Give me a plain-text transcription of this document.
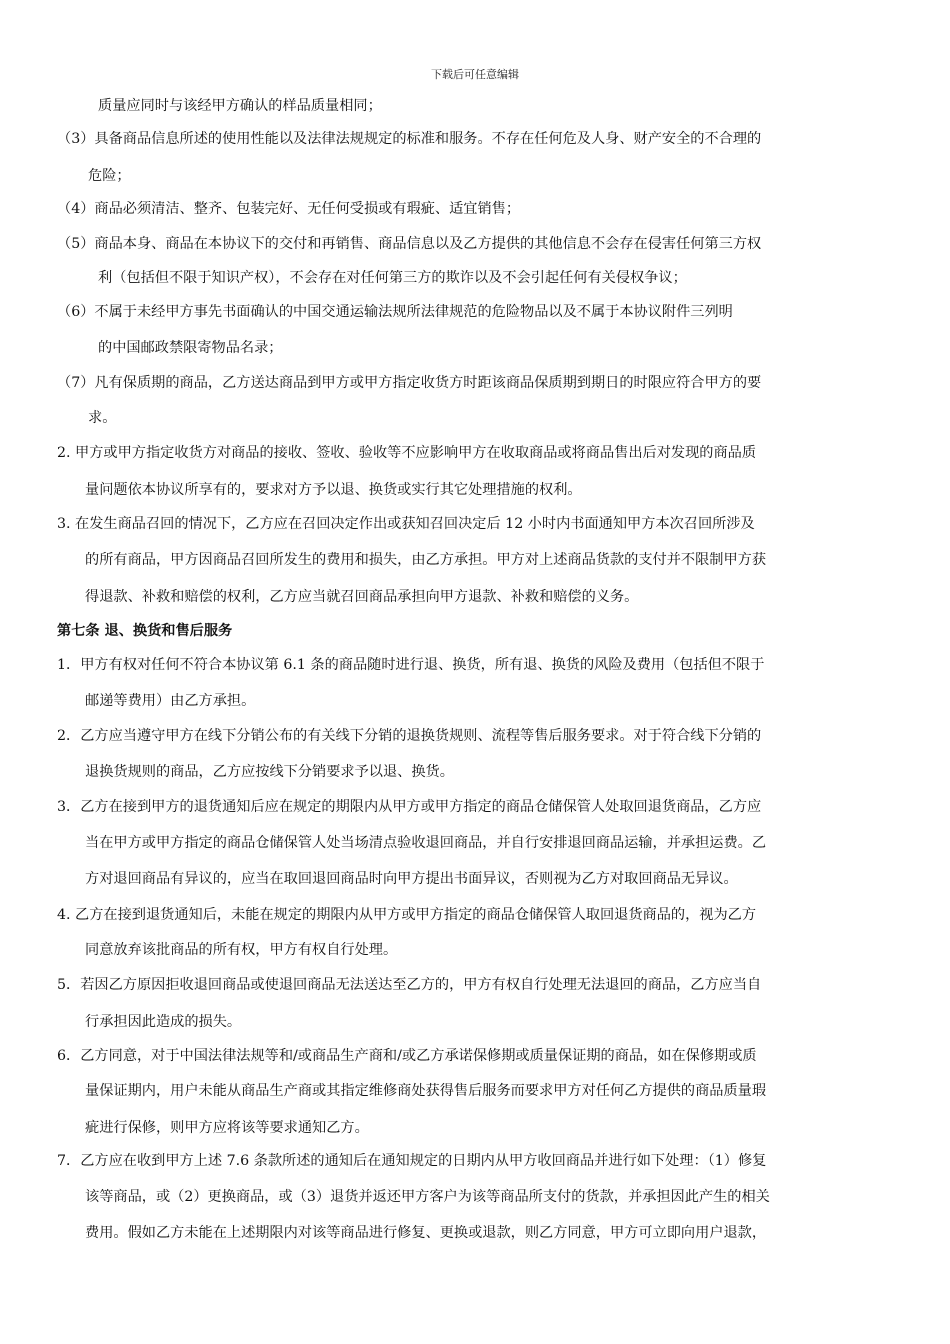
下载后可任意编辑
质量应同时与该经甲方确认的样品质量相同；
（3）具备商品信息所述的使用性能以及法律法规规定的标准和服务。不存在任何危及人身、财产安全的不合理的
危险；
（4）商品必须清洁、整齐、包装完好、无任何受损或有瑕疵、适宜销售；
（5）商品本身、商品在本协议下的交付和再销售、商品信息以及乙方提供的其他信息不会存在侵害任何第三方权
利（包括但不限于知识产权），不会存在对任何第三方的欺诈以及不会引起任何有关侵权争议；
（6）不属于未经甲方事先书面确认的中国交通运输法规所法律规范的危险物品以及不属于本协议附件三列明
的中国邮政禁限寄物品名录；
（7）凡有保质期的商品，乙方送达商品到甲方或甲方指定收货方时距该商品保质期到期日的时限应符合甲方的要
求。
2. 甲方或甲方指定收货方对商品的接收、签收、验收等不应影响甲方在收取商品或将商品售出后对发现的商品质
量问题依本协议所享有的，要求对方予以退、换货或实行其它处理措施的权利。
3. 在发生商品召回的情况下，乙方应在召回决定作出或获知召回决定后 12 小时内书面通知甲方本次召回所涉及
的所有商品，甲方因商品召回所发生的费用和损失，由乙方承担。甲方对上述商品货款的支付并不限制甲方获
得退款、补救和赔偿的权利，乙方应当就召回商品承担向甲方退款、补救和赔偿的义务。
第七条 退、换货和售后服务
1．甲方有权对任何不符合本协议第 6.1 条的商品随时进行退、换货，所有退、换货的风险及费用（包括但不限于
邮递等费用）由乙方承担。
2．乙方应当遵守甲方在线下分销公布的有关线下分销的退换货规则、流程等售后服务要求。对于符合线下分销的
退换货规则的商品，乙方应按线下分销要求予以退、换货。
3．乙方在接到甲方的退货通知后应在规定的期限内从甲方或甲方指定的商品仓储保管人处取回退货商品，乙方应
当在甲方或甲方指定的商品仓储保管人处当场清点验收退回商品，并自行安排退回商品运输，并承担运费。乙
方对退回商品有异议的，应当在取回退回商品时向甲方提出书面异议，否则视为乙方对取回商品无异议。
4. 乙方在接到退货通知后，未能在规定的期限内从甲方或甲方指定的商品仓储保管人取回退货商品的，视为乙方
同意放弃该批商品的所有权，甲方有权自行处理。
5．若因乙方原因拒收退回商品或使退回商品无法送达至乙方的，甲方有权自行处理无法退回的商品，乙方应当自
行承担因此造成的损失。
6．乙方同意，对于中国法律法规等和/或商品生产商和/或乙方承诺保修期或质量保证期的商品，如在保修期或质
量保证期内，用户未能从商品生产商或其指定维修商处获得售后服务而要求甲方对任何乙方提供的商品质量瑕
疵进行保修，则甲方应将该等要求通知乙方。
7．乙方应在收到甲方上述 7.6 条款所述的通知后在通知规定的日期内从甲方收回商品并进行如下处理：（1）修复
该等商品，或（2）更换商品，或（3）退货并返还甲方客户为该等商品所支付的货款，并承担因此产生的相关
费用。假如乙方未能在上述期限内对该等商品进行修复、更换或退款，则乙方同意，甲方可立即向用户退款，
